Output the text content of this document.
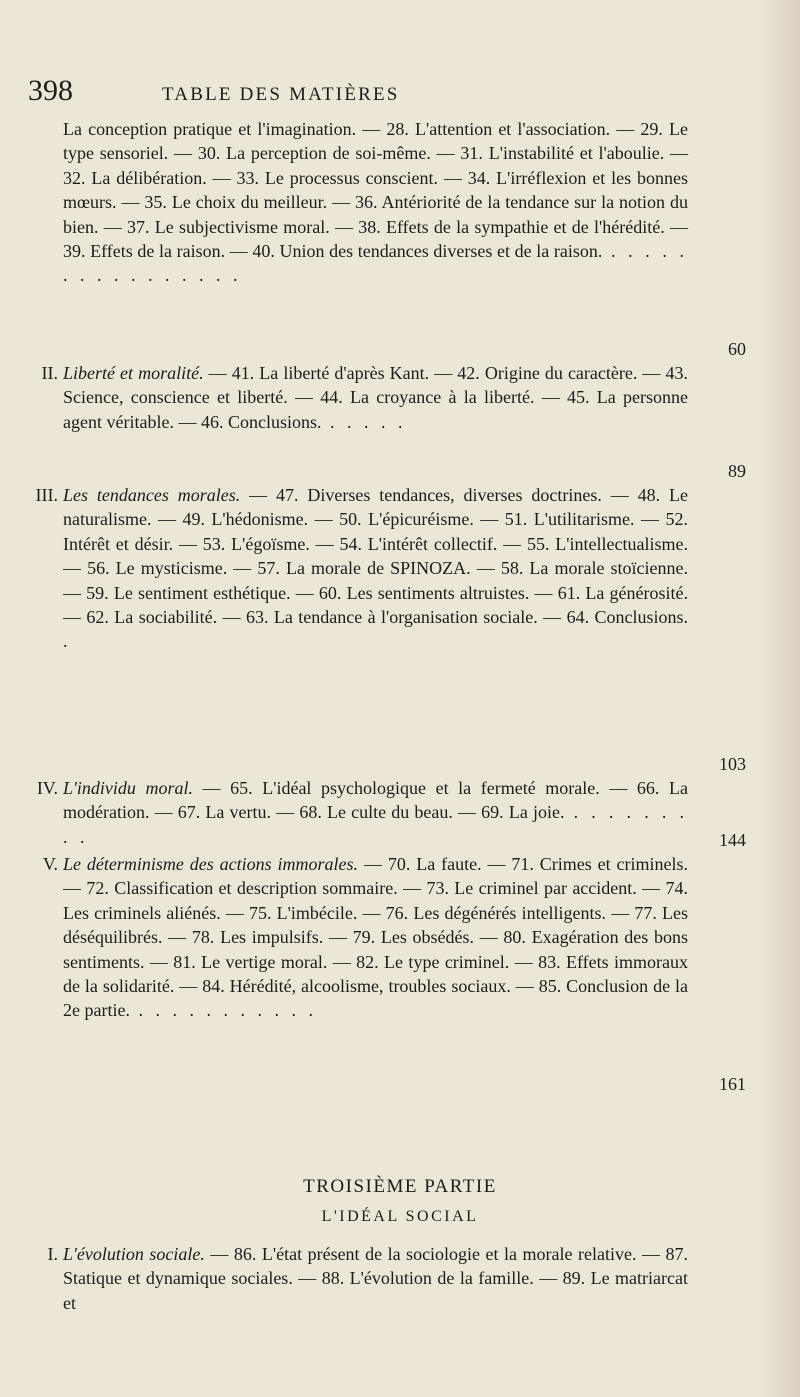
398	TABLE DES MATIÈRES

La conception pratique et l'imagination. — 28. L'attention et l'association. — 29. Le type sensoriel. — 30. La perception de soi-même. — 31. L'instabilité et l'aboulie. — 32. La délibération. — 33. Le processus conscient. — 34. L'irréflexion et les bonnes mœurs. — 35. Le choix du meilleur. — 36. Antériorité de la tendance sur la notion du bien. — 37. Le subjectivisme moral. — 38. Effets de la sympathie et de l'hérédité. — 39. Effets de la raison. — 40. Union des tendances diverses et de la raison. . . . . . . . . . . . . . . . .

60
II. Liberté et moralité. — 41. La liberté d'après Kant. — 42. Origine du caractère. — 43. Science, conscience et liberté. — 44. La croyance à la liberté. — 45. La personne agent véritable. — 46. Conclusions. . . . . .

89
III. Les tendances morales. — 47. Diverses tendances, diverses doctrines. — 48. Le naturalisme. — 49. L'hédonisme. — 50. L'épicuréisme. — 51. L'utilitarisme. — 52. Intérêt et désir. — 53. L'égoïsme. — 54. L'intérêt collectif. — 55. L'intellectualisme. — 56. Le mysticisme. — 57. La morale de SPINOZA. — 58. La morale stoïcienne. — 59. Le sentiment esthétique. — 60. Les sentiments altruistes. — 61. La générosité. — 62. La sociabilité. — 63. La tendance à l'organisation sociale. — 64. Conclusions. .

103
IV. L'individu moral. — 65. L'idéal psychologique et la fermeté morale. — 66. La modération. — 67. La vertu. — 68. Le culte du beau. — 69. La joie. . . . . . . . . .	144
V. Le déterminisme des actions immorales. — 70. La faute. — 71. Crimes et criminels. — 72. Classification et description sommaire. — 73. Le criminel par accident. — 74. Les criminels aliénés. — 75. L'imbécile. — 76. Les dégénérés intelligents. — 77. Les déséquilibrés. — 78. Les impulsifs. — 79. Les obsédés. — 80. Exagération des bons sentiments. — 81. Le vertige moral. — 82. Le type criminel. — 83. Effets immoraux de la solidarité. — 84. Hérédité, alcoolisme, troubles sociaux. — 85. Conclusion de la 2e partie. . . . . . . . . . . .

161
TROISIÈME PARTIE
L'IDÉAL SOCIAL
I. L'évolution sociale. — 86. L'état présent de la sociologie et la morale relative. — 87. Statique et dynamique sociales. — 88. L'évolution de la famille. — 89. Le matriarcat et
